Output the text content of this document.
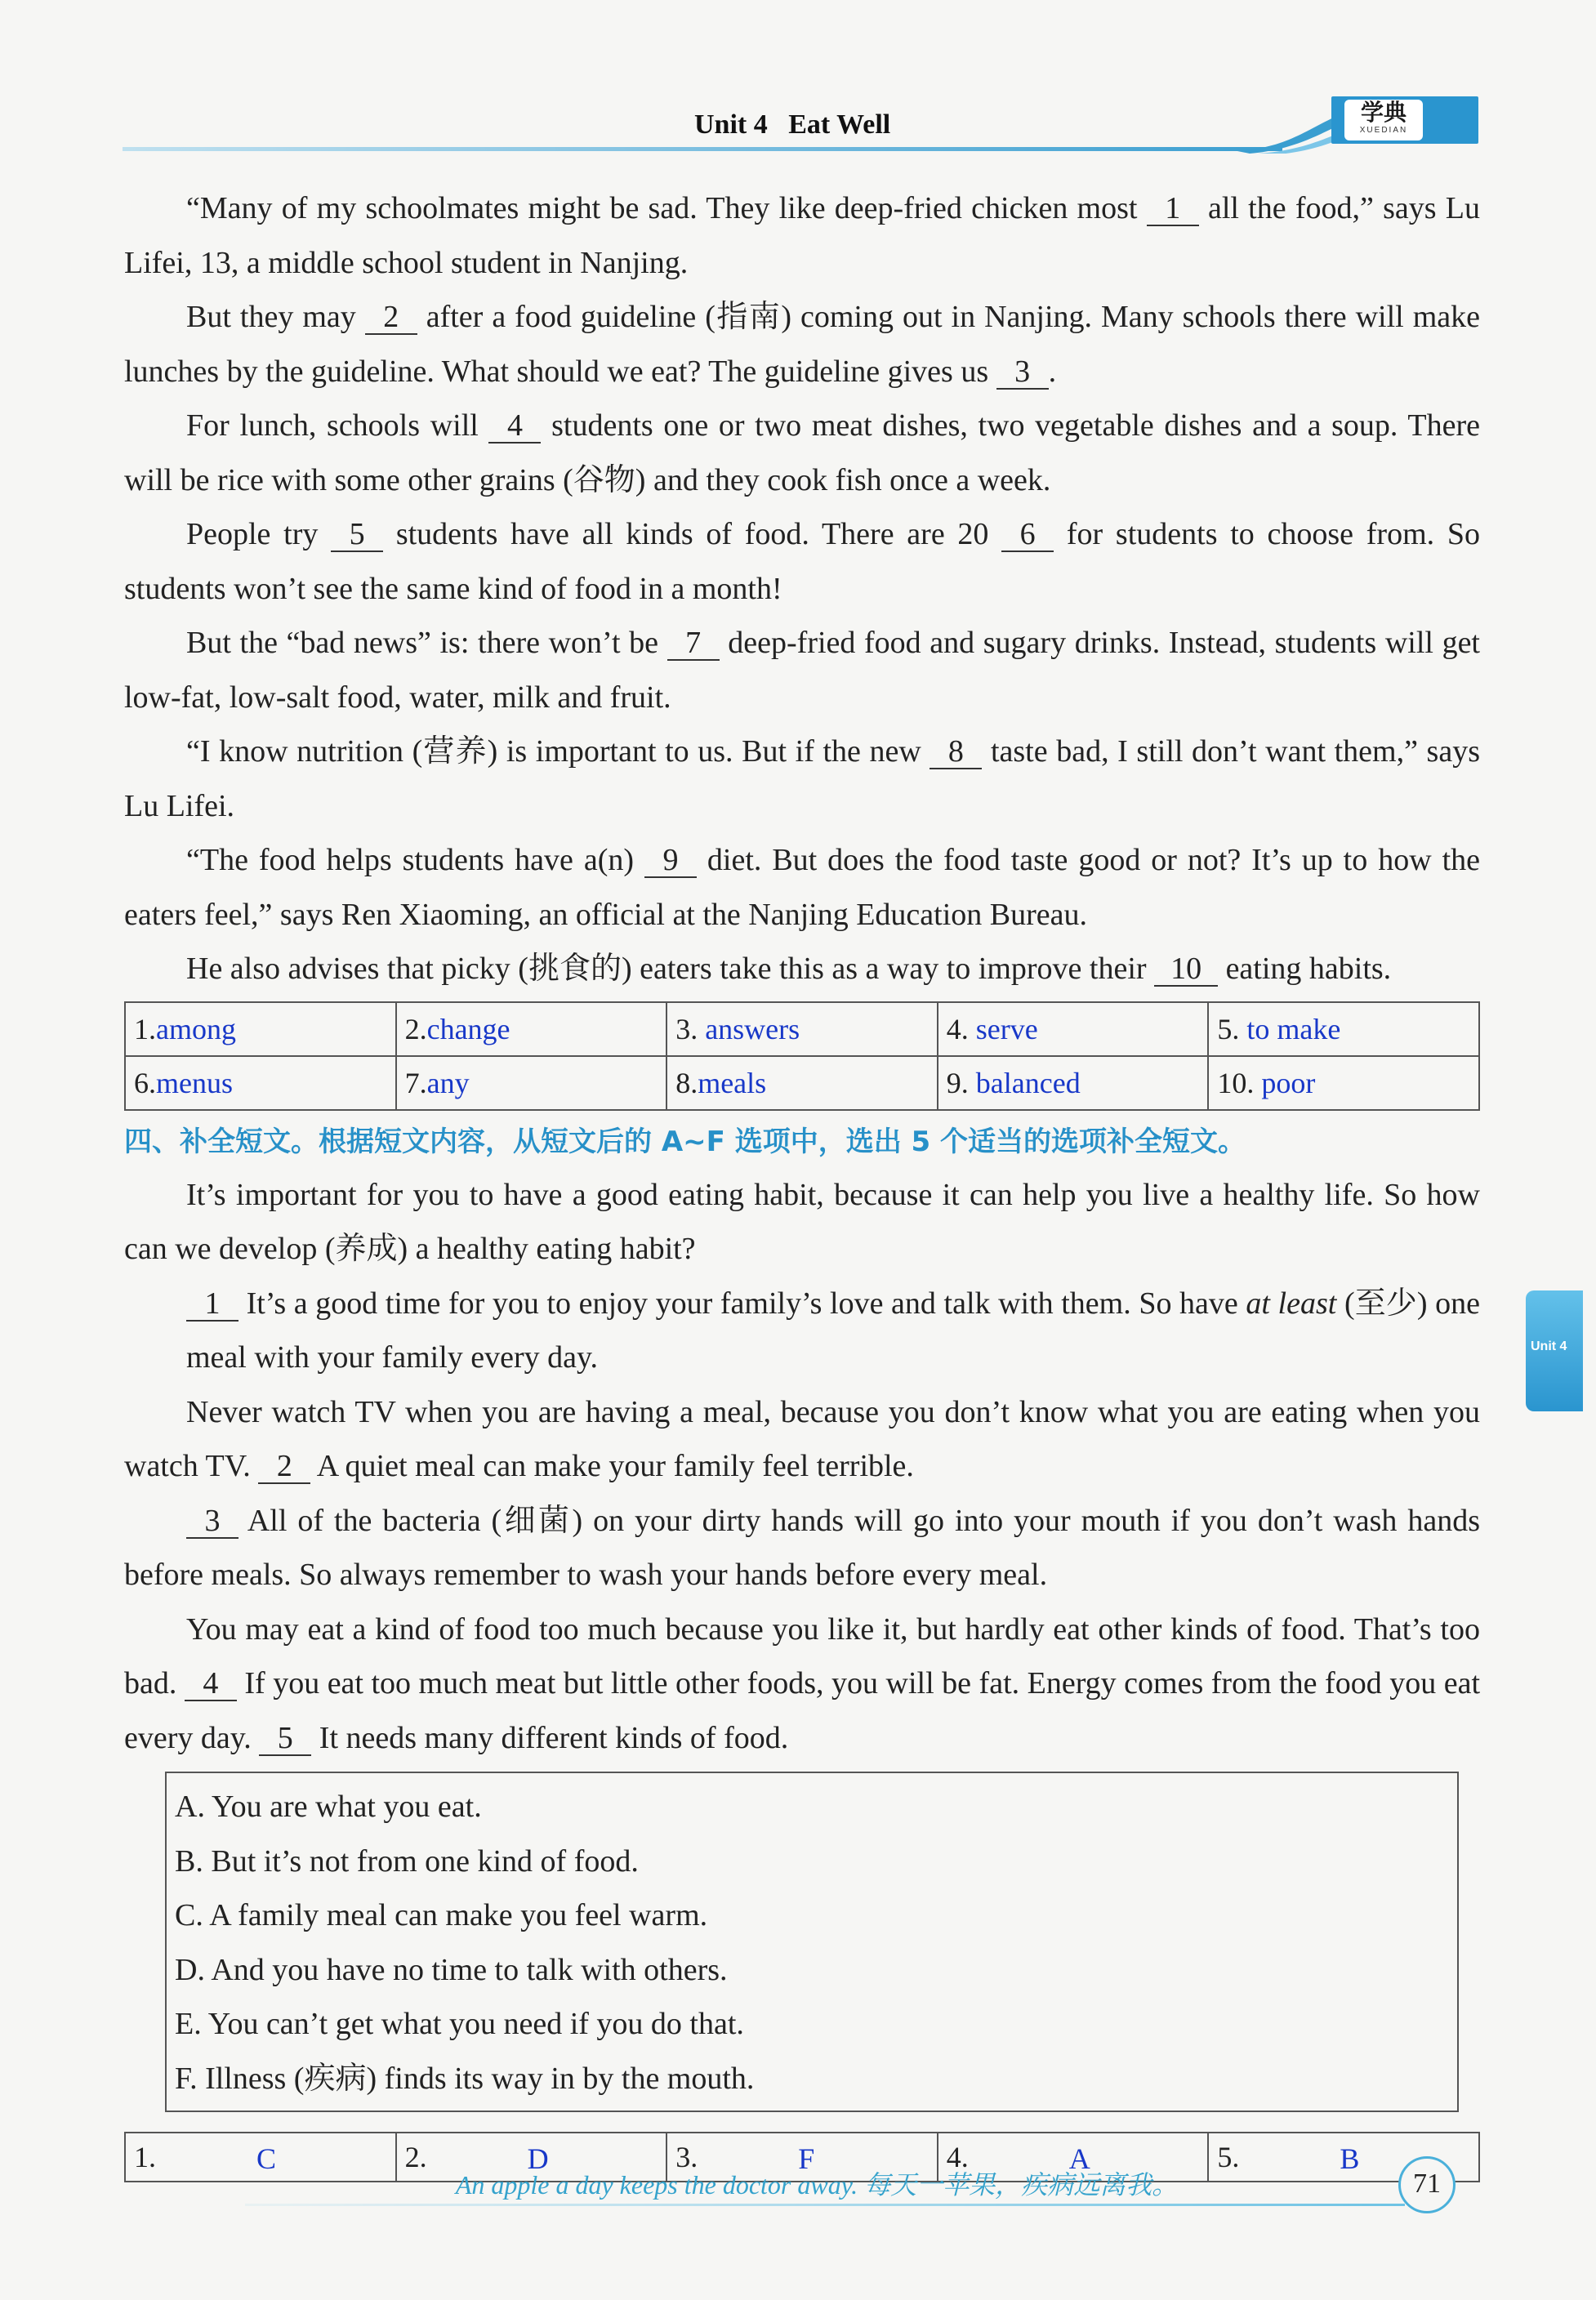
Unit 4   Eat Well	学典
XUEDIAN

“Many of my schoolmates might be sad. They like deep-fried chicken most 1 all the food,” says Lu Lifei, 13, a middle school student in Nanjing.

But they may 2 after a food guideline (指南) coming out in Nanjing. Many schools there will make lunches by the guideline. What should we eat? The guideline gives us 3 .

For lunch, schools will 4 students one or two meat dishes, two vegetable dishes and a soup. There will be rice with some other grains (谷物) and they cook fish once a week.

People try 5 students have all kinds of food. There are 20 6 for students to choose from. So students won’t see the same kind of food in a month!

But the “bad news” is: there won’t be 7 deep-fried food and sugary drinks. Instead, students will get low-fat, low-salt food, water, milk and fruit.

“I know nutrition (营养) is important to us. But if the new 8 taste bad, I still don’t want them,” says Lu Lifei.

“The food helps students have a(n) 9 diet. But does the food taste good or not? It’s up to how the eaters feel,” says Ren Xiaoming, an official at the Nanjing Education Bureau.

He also advises that picky (挑食的) eaters take this as a way to improve their 10 eating habits.

1.among	2.change	3. answers	4. serve	5. to make
6.menus	7.any	8.meals	9. balanced	10. poor
四、补全短文。根据短文内容，从短文后的 A~F 选项中，选出 5 个适当的选项补全短文。

It’s important for you to have a good eating habit, because it can help you live a healthy life. So how can we develop (养成) a healthy eating habit?

1 It’s a good time for you to enjoy your family’s love and talk with them. So have at least (至少) one meal with your family every day.

Never watch TV when you are having a meal, because you don’t know what you are eating when you watch TV. 2 A quiet meal can make your family feel terrible.

3 All of the bacteria (细菌) on your dirty hands will go into your mouth if you don’t wash hands before meals. So always remember to wash your hands before every meal.

You may eat a kind of food too much because you like it, but hardly eat other kinds of food. That’s too bad. 4 If you eat too much meat but little other foods, you will be fat. Energy comes from the food you eat every day. 5 It needs many different kinds of food.

A. You are what you eat.
B. But it’s not from one kind of food.
C. A family meal can make you feel warm.
D. And you have no time to talk with others.
E. You can’t get what you need if you do that.
F. Illness (疾病) finds its way in by the mouth.
1.	C	2.	D	3.	F	4.	A	5.	B
Unit 4
An apple a day keeps the doctor away. 每天一苹果，疾病远离我。	71
